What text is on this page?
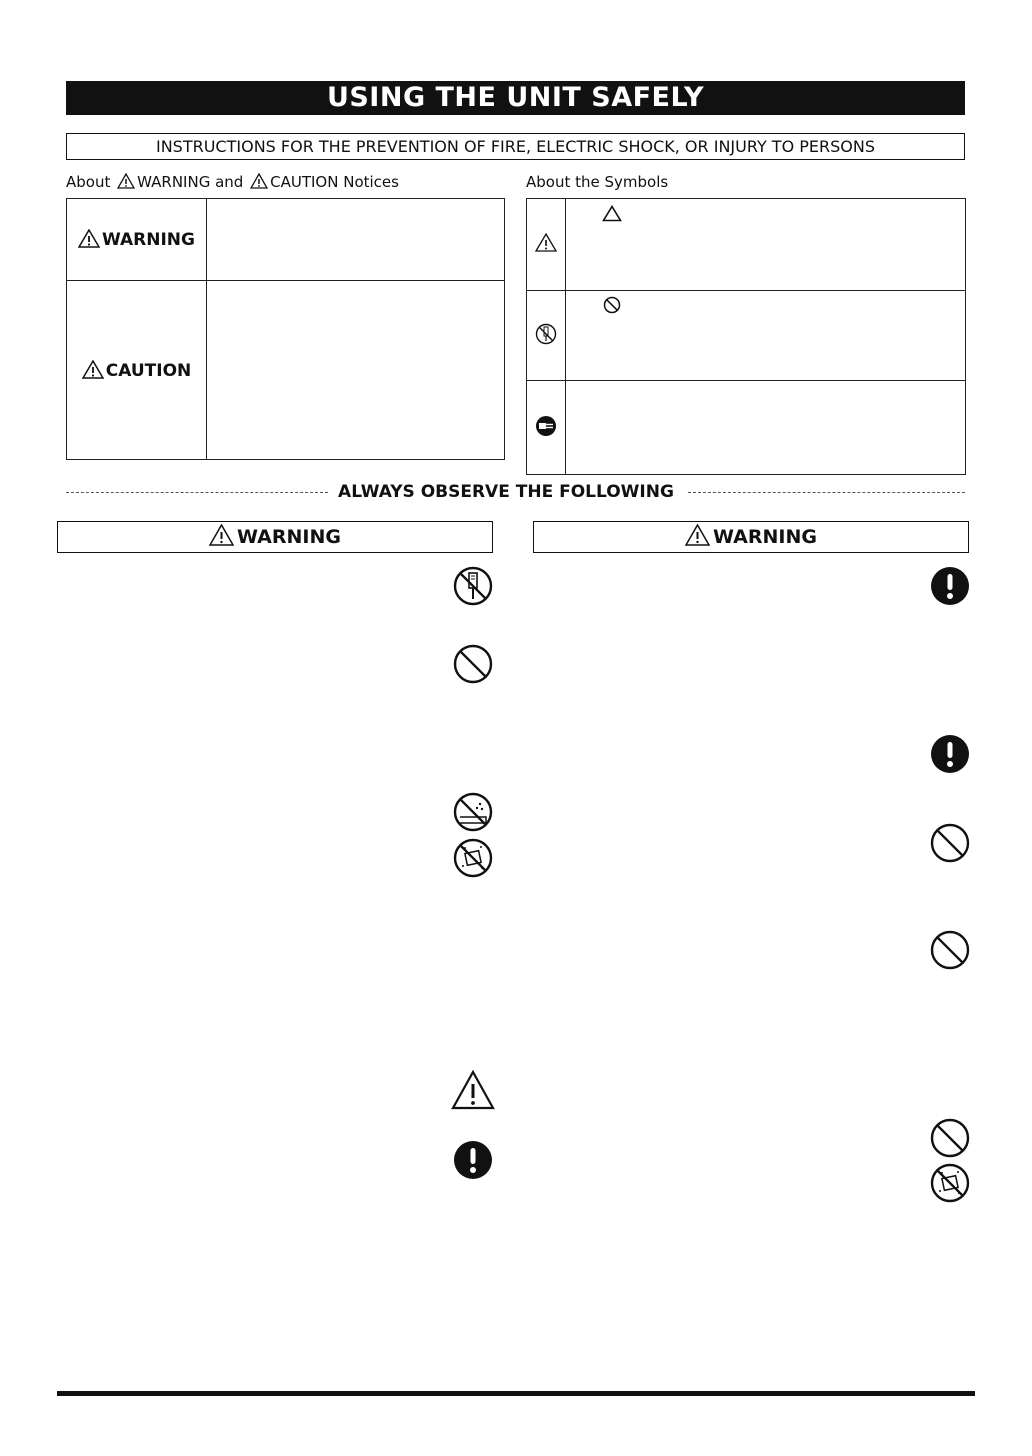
USING THE UNIT SAFELY
INSTRUCTIONS FOR THE PREVENTION OF FIRE, ELECTRIC SHOCK, OR INJURY TO PERSONS
About WARNING and CAUTION Notices	About the Symbols
WARNING	
CAUTION	

ALWAYS OBSERVE THE FOLLOWING
WARNING	WARNING
